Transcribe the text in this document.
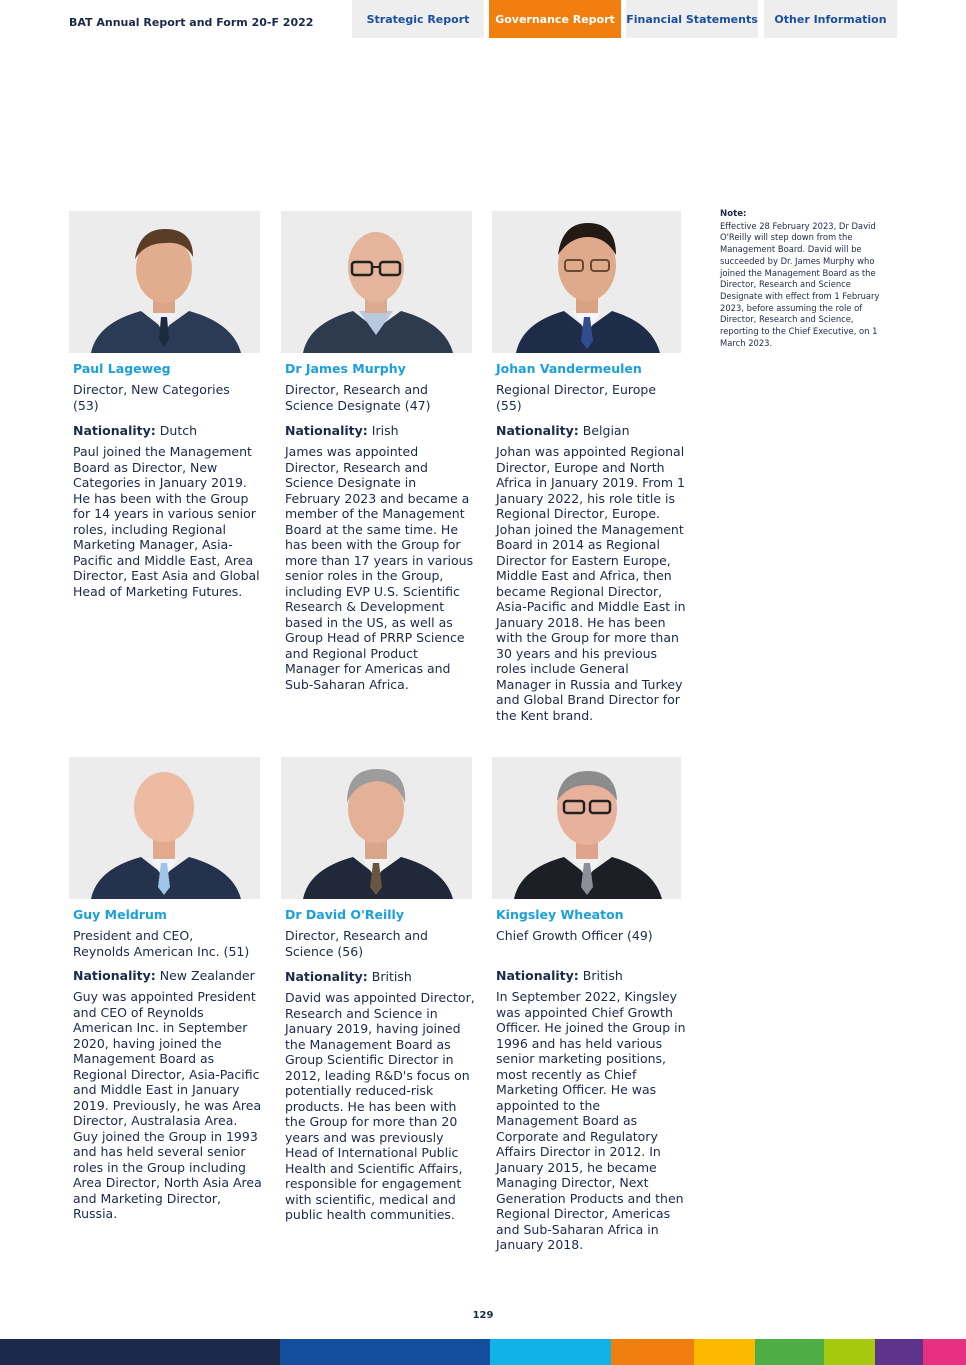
BAT Annual Report and Form 20-F 2022	Strategic Report	Governance Report	Financial Statements	Other Information
Paul Lageweg
Director, New Categories (53)
Nationality: Dutch
Paul joined the Management Board as Director, New Categories in January 2019. He has been with the Group for 14 years in various senior roles, including Regional Marketing Manager, Asia-Pacific and Middle East, Area Director, East Asia and Global Head of Marketing Futures.
Dr James Murphy
Director, Research and Science Designate (47)
Nationality: Irish
James was appointed Director, Research and Science Designate in February 2023 and became a member of the Management Board at the same time. He has been with the Group for more than 17 years in various senior roles in the Group, including EVP U.S. Scientific Research & Development based in the US, as well as Group Head of PRRP Science and Regional Product Manager for Americas and Sub-Saharan Africa.
Johan Vandermeulen
Regional Director, Europe (55)
Nationality: Belgian
Johan was appointed Regional Director, Europe and North Africa in January 2019. From 1 January 2022, his role title is Regional Director, Europe. Johan joined the Management Board in 2014 as Regional Director for Eastern Europe, Middle East and Africa, then became Regional Director, Asia-Pacific and Middle East in January 2018. He has been with the Group for more than 30 years and his previous roles include General Manager in Russia and Turkey and Global Brand Director for the Kent brand.
Note:
Effective 28 February 2023, Dr David O'Reilly will step down from the Management Board. David will be succeeded by Dr. James Murphy who joined the Management Board as the Director, Research and Science Designate with effect from 1 February 2023, before assuming the role of Director, Research and Science, reporting to the Chief Executive, on 1 March 2023.
Guy Meldrum
President and CEO, Reynolds American Inc. (51)
Nationality: New Zealander
Guy was appointed President and CEO of Reynolds American Inc. in September 2020, having joined the Management Board as Regional Director, Asia-Pacific and Middle East in January 2019. Previously, he was Area Director, Australasia Area. Guy joined the Group in 1993 and has held several senior roles in the Group including Area Director, North Asia Area and Marketing Director, Russia.
Dr David O'Reilly
Director, Research and Science (56)
Nationality: British
David was appointed Director, Research and Science in January 2019, having joined the Management Board as Group Scientific Director in 2012, leading R&D's focus on potentially reduced-risk products. He has been with the Group for more than 20 years and was previously Head of International Public Health and Scientific Affairs, responsible for engagement with scientific, medical and public health communities.
Kingsley Wheaton
Chief Growth Officer (49)
Nationality: British
In September 2022, Kingsley was appointed Chief Growth Officer. He joined the Group in 1996 and has held various senior marketing positions, most recently as Chief Marketing Officer. He was appointed to the Management Board as Corporate and Regulatory Affairs Director in 2012. In January 2015, he became Managing Director, Next Generation Products and then Regional Director, Americas and Sub-Saharan Africa in January 2018.
129
